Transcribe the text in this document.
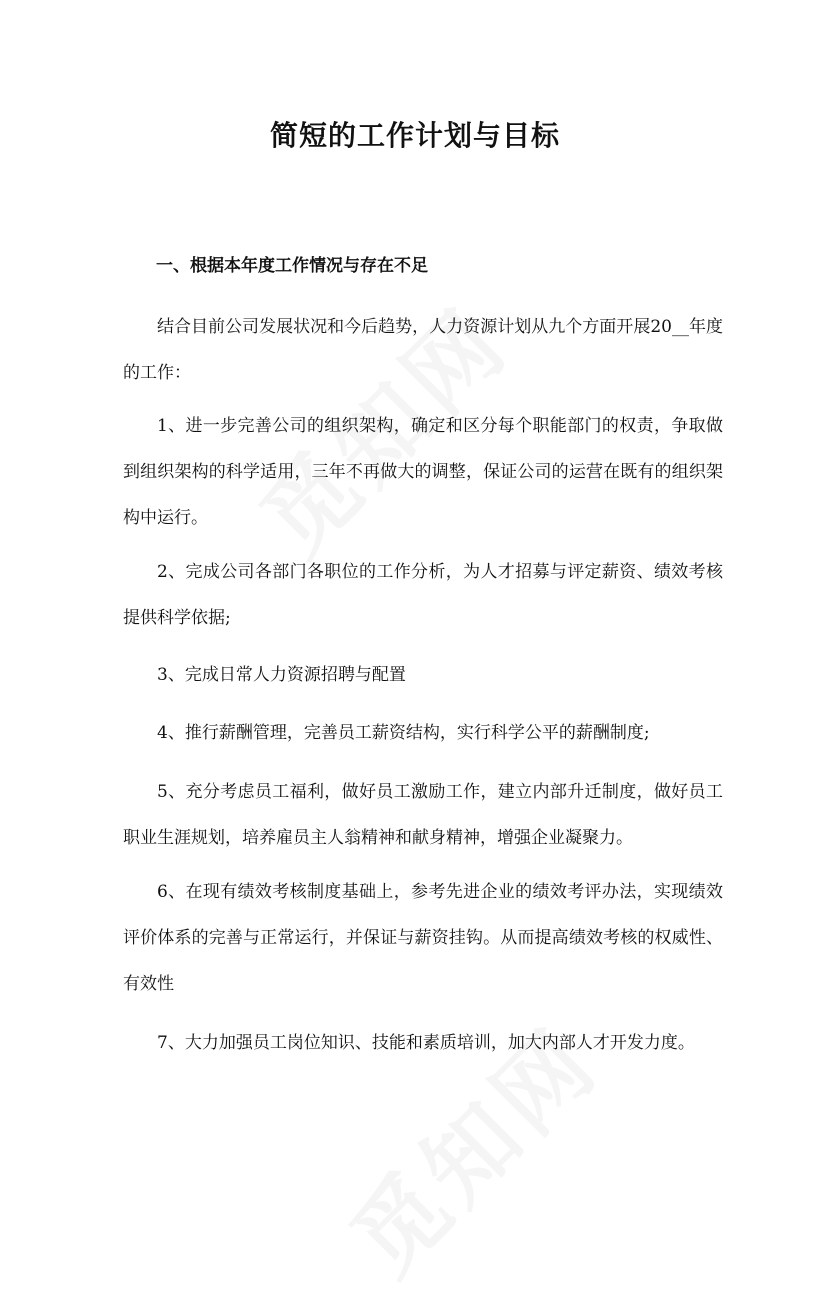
简短的工作计划与目标
一、根据本年度工作情况与存在不足

结合目前公司发展状况和今后趋势，人力资源计划从九个方面开展20__年度的工作：

1、进一步完善公司的组织架构，确定和区分每个职能部门的权责，争取做到组织架构的科学适用，三年不再做大的调整，保证公司的运营在既有的组织架构中运行。

2、完成公司各部门各职位的工作分析，为人才招募与评定薪资、绩效考核提供科学依据;

3、完成日常人力资源招聘与配置

4、推行薪酬管理，完善员工薪资结构，实行科学公平的薪酬制度;

5、充分考虑员工福利，做好员工激励工作，建立内部升迁制度，做好员工职业生涯规划，培养雇员主人翁精神和献身精神，增强企业凝聚力。

6、在现有绩效考核制度基础上，参考先进企业的绩效考评办法，实现绩效评价体系的完善与正常运行，并保证与薪资挂钩。从而提高绩效考核的权威性、有效性

7、大力加强员工岗位知识、技能和素质培训，加大内部人才开发力度。
